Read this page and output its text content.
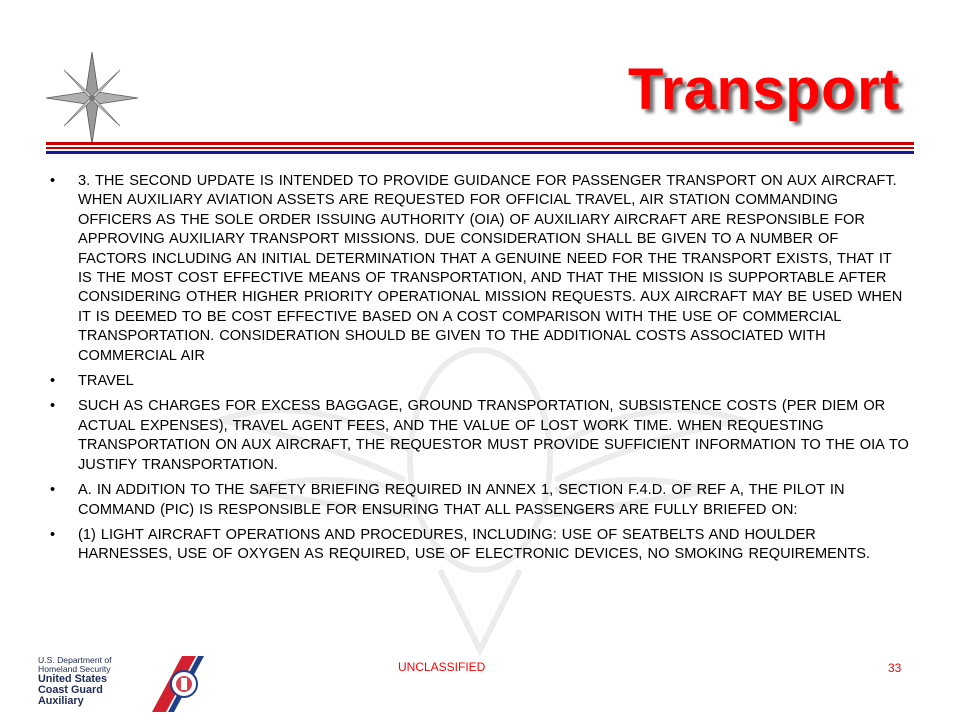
Transport
• 3. THE SECOND UPDATE IS INTENDED TO PROVIDE GUIDANCE FOR PASSENGER TRANSPORT ON AUX AIRCRAFT. WHEN AUXILIARY AVIATION ASSETS ARE REQUESTED FOR OFFICIAL TRAVEL, AIR STATION COMMANDING OFFICERS AS THE SOLE ORDER ISSUING AUTHORITY (OIA) OF AUXILIARY AIRCRAFT ARE RESPONSIBLE FOR APPROVING AUXILIARY TRANSPORT MISSIONS. DUE CONSIDERATION SHALL BE GIVEN TO A NUMBER OF FACTORS INCLUDING AN INITIAL DETERMINATION THAT A GENUINE NEED FOR THE TRANSPORT EXISTS, THAT IT IS THE MOST COST EFFECTIVE MEANS OF TRANSPORTATION, AND THAT THE MISSION IS SUPPORTABLE AFTER CONSIDERING OTHER HIGHER PRIORITY OPERATIONAL MISSION REQUESTS. AUX AIRCRAFT MAY BE USED WHEN IT IS DEEMED TO BE COST EFFECTIVE BASED ON A COST COMPARISON WITH THE USE OF COMMERCIAL TRANSPORTATION. CONSIDERATION SHOULD BE GIVEN TO THE ADDITIONAL COSTS ASSOCIATED WITH COMMERCIAL AIR
• TRAVEL
• SUCH AS CHARGES FOR EXCESS BAGGAGE, GROUND TRANSPORTATION, SUBSISTENCE COSTS (PER DIEM OR ACTUAL EXPENSES), TRAVEL AGENT FEES, AND THE VALUE OF LOST WORK TIME. WHEN REQUESTING TRANSPORTATION ON AUX AIRCRAFT, THE REQUESTOR MUST PROVIDE SUFFICIENT INFORMATION TO THE OIA TO JUSTIFY TRANSPORTATION.
• A. IN ADDITION TO THE SAFETY BRIEFING REQUIRED IN ANNEX 1, SECTION F.4.D. OF REF A, THE PILOT IN COMMAND (PIC) IS RESPONSIBLE FOR ENSURING THAT ALL PASSENGERS ARE FULLY BRIEFED ON:
• (1) LIGHT AIRCRAFT OPERATIONS AND PROCEDURES, INCLUDING: USE OF SEATBELTS AND HOULDER HARNESSES, USE OF OXYGEN AS REQUIRED, USE OF ELECTRONIC DEVICES, NO SMOKING REQUIREMENTS.
U.S. Department of
Homeland Security
United States
Coast Guard
Auxiliary
UNCLASSIFIED	33
